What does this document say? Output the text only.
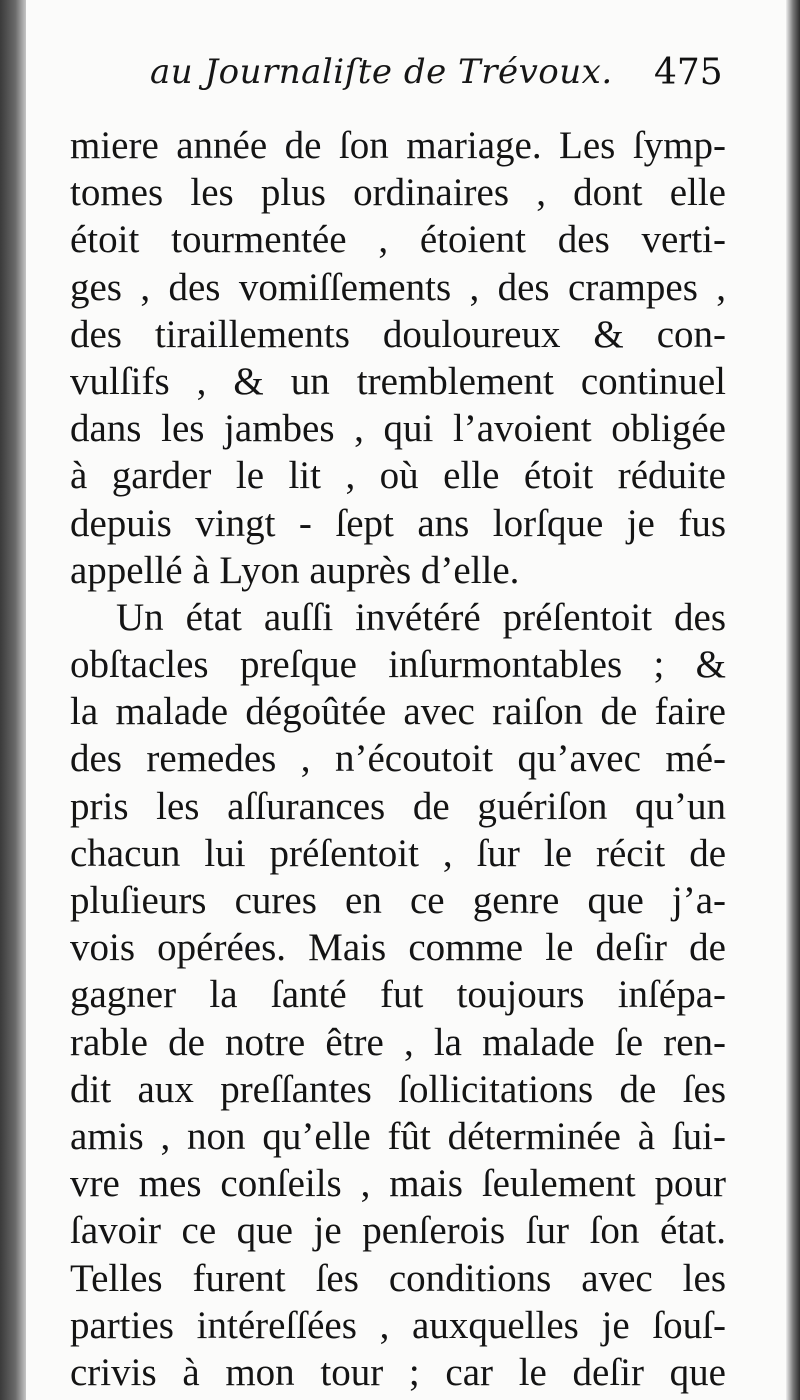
au Journaliſte de Trévoux. 475
miere année de ſon mariage. Les ſymp-
tomes les plus ordinaires , dont elle
étoit tourmentée , étoient des verti-
ges , des vomiſſements , des crampes ,
des tiraillements douloureux & con-
vulſifs , & un tremblement continuel
dans les jambes , qui l’avoient obligée
à garder le lit , où elle étoit réduite
depuis vingt - ſept ans lorſque je fus
appellé à Lyon auprès d’elle.
Un état auſſi invétéré préſentoit des
obſtacles preſque inſurmontables ; &
la malade dégoûtée avec raiſon de faire
des remedes , n’écoutoit qu’avec mé-
pris les aſſurances de guériſon qu’un
chacun lui préſentoit , ſur le récit de
pluſieurs cures en ce genre que j’a-
vois opérées. Mais comme le deſir de
gagner la ſanté fut toujours inſépa-
rable de notre être , la malade ſe ren-
dit aux preſſantes ſollicitations de ſes
amis , non qu’elle fût déterminée à ſui-
vre mes conſeils , mais ſeulement pour
ſavoir ce que je penſerois ſur ſon état.
Telles furent ſes conditions avec les
parties intéreſſées , auxquelles je ſouſ-
crivis à mon tour ; car le deſir que
